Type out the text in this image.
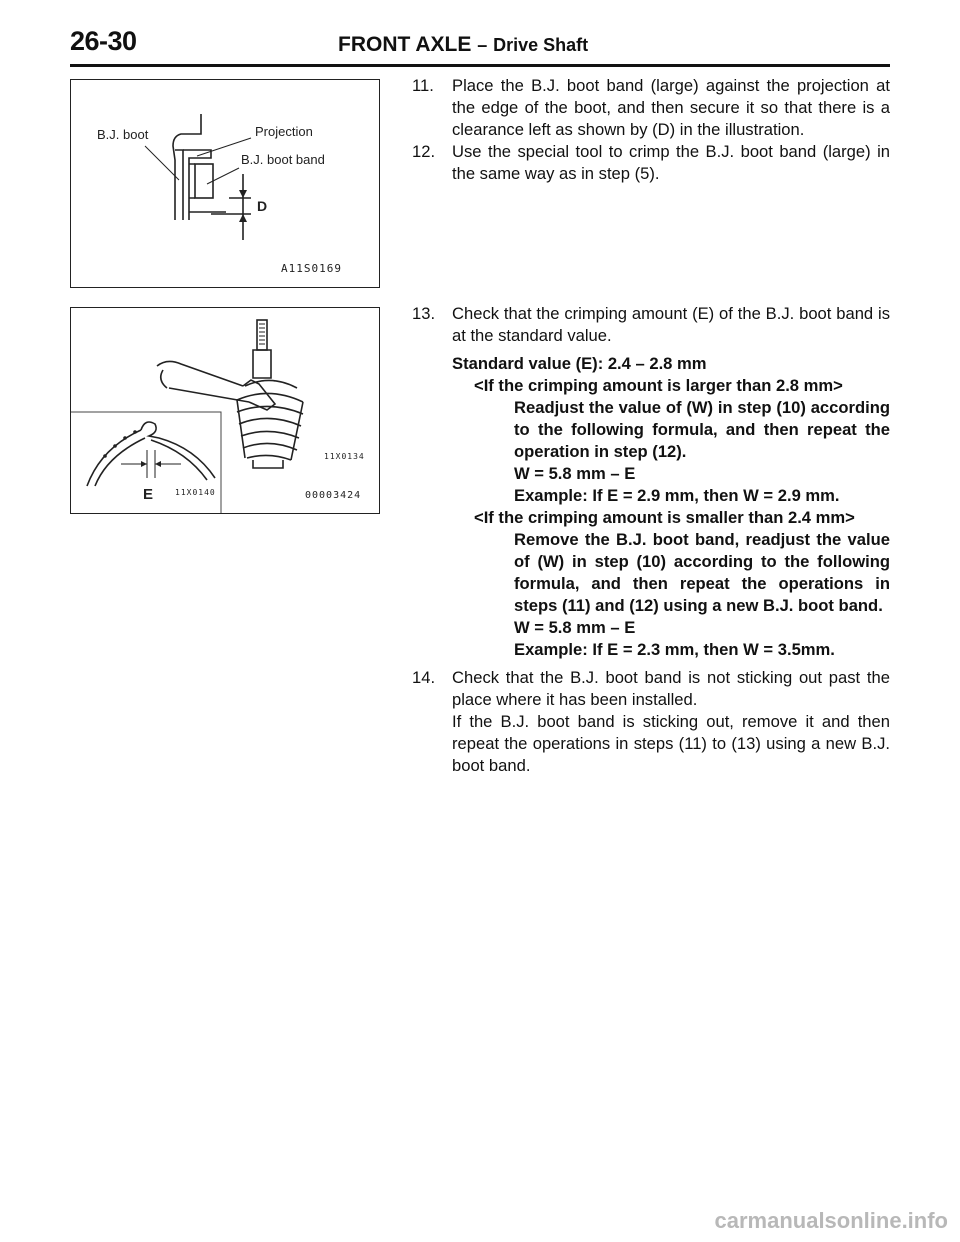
26-30	FRONT AXLE – Drive Shaft
B.J. boot	Projection
B.J. boot band
D
A11S0169
E	11X0140
11X0134
00003424

11. Place the B.J. boot band (large) against the projection at the edge of the boot, and then secure it so that there is a clearance left as shown by (D) in the illustration.

12. Use the special tool to crimp the B.J. boot band (large) in the same way as in step (5).

13. Check that the crimping amount (E) of the B.J. boot band is at the standard value.

Standard value (E): 2.4 – 2.8 mm
<If the crimping amount is larger than 2.8 mm>
Readjust the value of (W) in step (10) according to the following formula, and then repeat the operation in step (12).
W = 5.8 mm – E
Example: If E = 2.9 mm, then W = 2.9 mm.
<If the crimping amount is smaller than 2.4 mm>
Remove the B.J. boot band, readjust the value of (W) in step (10) according to the following formula, and then repeat the operations in steps (11) and (12) using a new B.J. boot band.
W = 5.8 mm – E
Example: If E = 2.3 mm, then W = 3.5mm.

14. Check that the B.J. boot band is not sticking out past the place where it has been installed.

If the B.J. boot band is sticking out, remove it and then repeat the operations in steps (11) to (13) using a new B.J. boot band.
carmanualsonline.info
